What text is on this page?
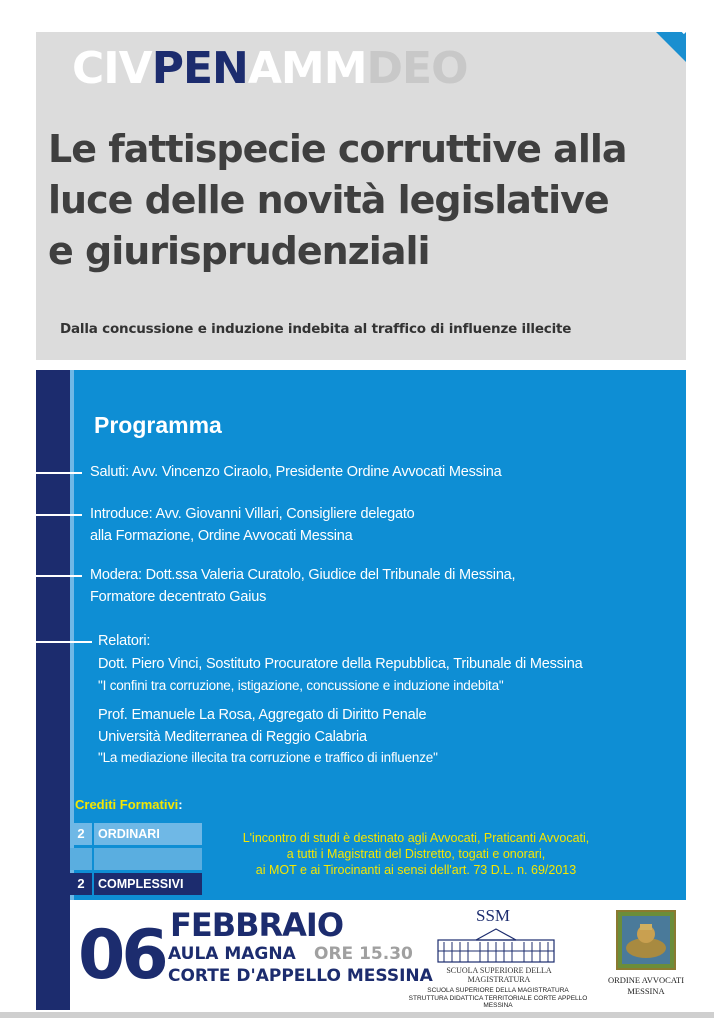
CIVPENAMMDEO
Le fattispecie corruttive alla
luce delle novità legislative
e giurisprudenziali
Dalla concussione e induzione indebita al traffico di influenze illecite
Programma
Saluti: Avv. Vincenzo Ciraolo, Presidente Ordine Avvocati Messina
Introduce: Avv. Giovanni Villari, Consigliere delegato
alla Formazione, Ordine Avvocati Messina
Modera: Dott.ssa Valeria Curatolo, Giudice del Tribunale di Messina,
Formatore decentrato Gaius
Relatori:
Dott. Piero Vinci, Sostituto Procuratore della Repubblica, Tribunale di Messina
"I confini tra corruzione, istigazione, concussione e induzione indebita"
Prof. Emanuele La Rosa, Aggregato di Diritto Penale
Università Mediterranea di Reggio Calabria
"La mediazione illecita tra corruzione e traffico di influenze"
Crediti Formativi:
2	ORDINARI
2	COMPLESSIVI
L'incontro di studi è destinato agli Avvocati, Praticanti Avvocati,
a tutti i Magistrati del Distretto, togati e onorari,
ai MOT e ai Tirocinanti ai sensi dell'art. 73 D.L. n. 69/2013
06 FEBBRAIO
AULA MAGNA ORE 15.30
CORTE D'APPELLO MESSINA
SSM
SCUOLA SUPERIORE DELLA MAGISTRATURA
SCUOLA SUPERIORE DELLA MAGISTRATURA
STRUTTURA DIDATTICA TERRITORIALE CORTE APPELLO MESSINA
ORDINE AVVOCATI
MESSINA
